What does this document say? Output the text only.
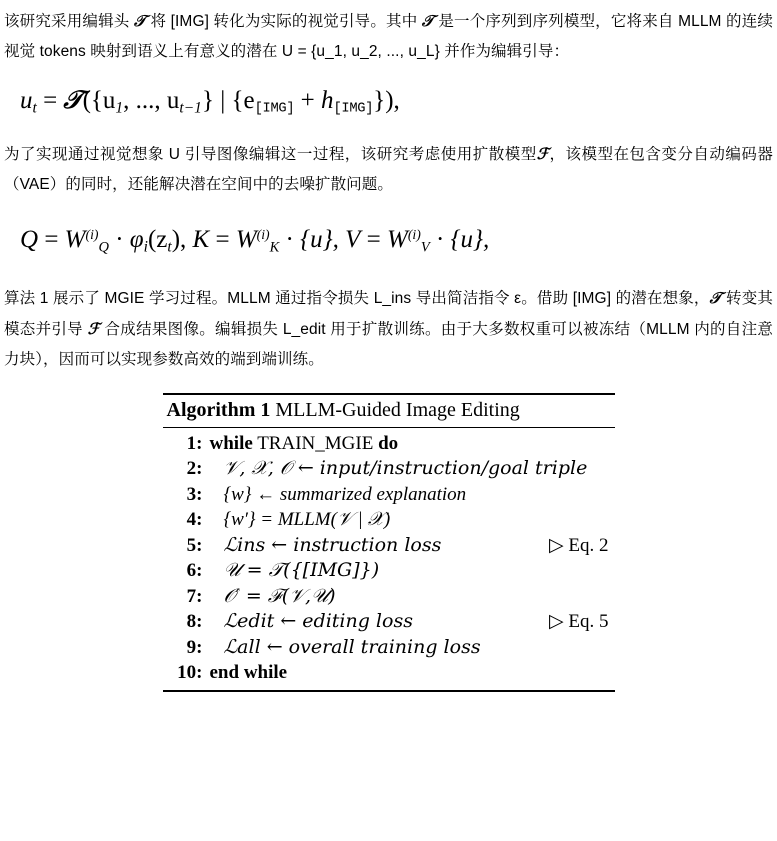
该研究采用编辑头 𝒯 将 [IMG] 转化为实际的视觉引导。其中 𝒯 是一个序列到序列模型，它将来自 MLLM 的连续视觉 tokens 映射到语义上有意义的潜在 U = {u_1, u_2, ..., u_L} 并作为编辑引导：

$u_t$ = $𝒯(\{u_1$, ..., $u_{t-1}$} | {e[IMG] + h[IMG]}),

为了实现通过视觉想象 U 引导图像编辑这一过程，该研究考虑使用扩散模型ℱ，该模型在包含变分自动编码器（VAE）的同时，还能解决潜在空间中的去噪扩散问题。

$Q = W^{(i)}Q \cdot \varphi_i(z_t)$, $K = W^{(i)}K \cdot \{u\}$, $V = W^{(i)}V \cdot \{u\}$,

算法 1 展示了 MGIE 学习过程。MLLM 通过指令损失 L_ins 导出简洁指令 ε。借助 [IMG] 的潜在想象，𝒯 转变其模态并引导 ℱ 合成结果图像。编辑损失 L_edit 用于扩散训练。由于大多数权重可以被冻结（MLLM 内的自注意力块），因而可以实现参数高效的端到端训练。

Algorithm 1 MLLM-Guided Image Editing
1: while TRAIN_MGIE do
2:	𝒱, 𝒳, 𝒪 ← input/instruction/goal triple
3:	{w} ← summarized explanation
4:	{w′} = MLLM(𝒱 | 𝒳)
5:	ℒins ← instruction loss	▷ Eq. 2
6:	𝒰 = 𝒯({[IMG]})
7:	𝒪′ = ℱ(𝒱,𝒰)
8:	ℒedit ← editing loss	▷ Eq. 5
9:	ℒall ← overall training loss
10: end while
